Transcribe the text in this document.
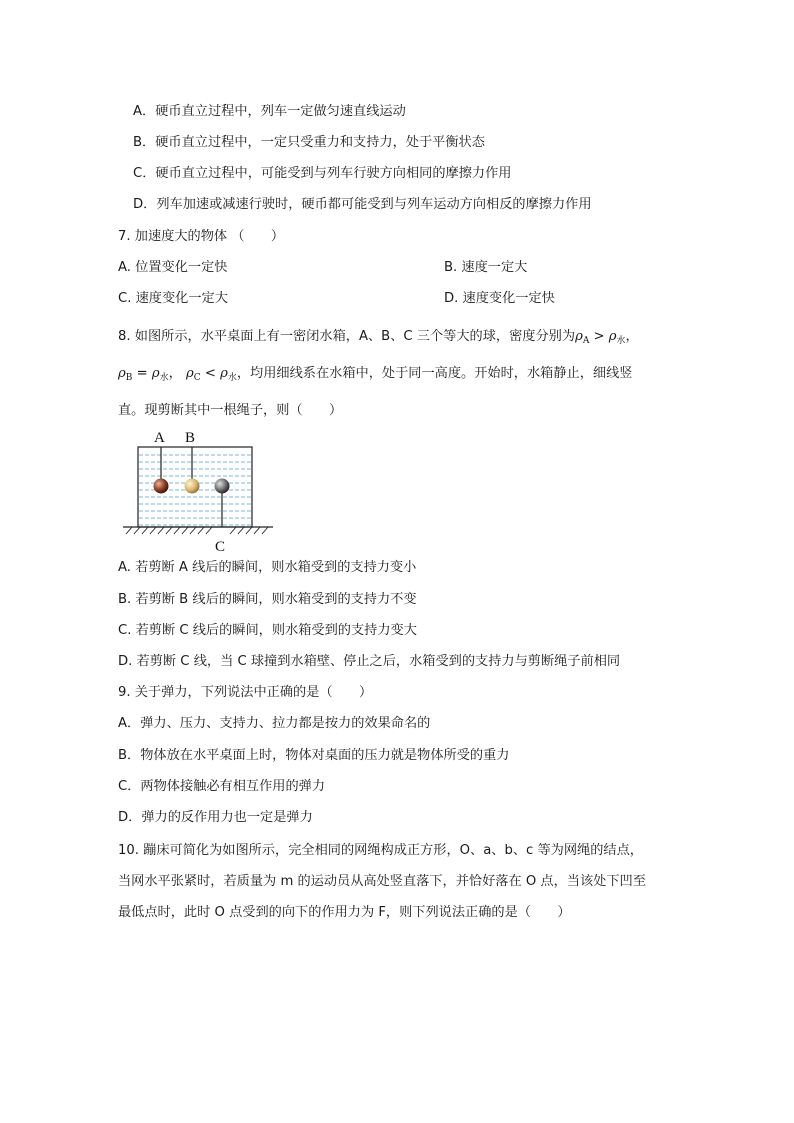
A．硬币直立过程中，列车一定做匀速直线运动
B．硬币直立过程中，一定只受重力和支持力，处于平衡状态
C．硬币直立过程中，可能受到与列车行驶方向相同的摩擦力作用
D．列车加速或减速行驶时，硬币都可能受到与列车运动方向相反的摩擦力作用
7. 加速度大的物体 （　　）
A. 位置变化一定快	B. 速度一定大
C. 速度变化一定大	D. 速度变化一定快
8. 如图所示，水平桌面上有一密闭水箱，A、B、C 三个等大的球，密度分别为$\rho_A > \rho_水$，
$\rho_B = \rho_水$， $\rho_C < \rho_水$，均用细线系在水箱中，处于同一高度。开始时，水箱静止，细线竖
直。现剪断其中一根绳子，则（　　）
A B
C
A. 若剪断 A 线后的瞬间，则水箱受到的支持力变小
B. 若剪断 B 线后的瞬间，则水箱受到的支持力不变
C. 若剪断 C 线后的瞬间，则水箱受到的支持力变大
D. 若剪断 C 线，当 C 球撞到水箱壁、停止之后，水箱受到的支持力与剪断绳子前相同
9. 关于弹力，下列说法中正确的是（　　）
A．弹力、压力、支持力、拉力都是按力的效果命名的
B．物体放在水平桌面上时，物体对桌面的压力就是物体所受的重力
C．两物体接触必有相互作用的弹力
D．弹力的反作用力也一定是弹力
10. 蹦床可简化为如图所示，完全相同的网绳构成正方形，O、a、b、c 等为网绳的结点，
当网水平张紧时，若质量为 m 的运动员从高处竖直落下，并恰好落在 O 点，当该处下凹至
最低点时，此时 O 点受到的向下的作用力为 F，则下列说法正确的是（　　）
